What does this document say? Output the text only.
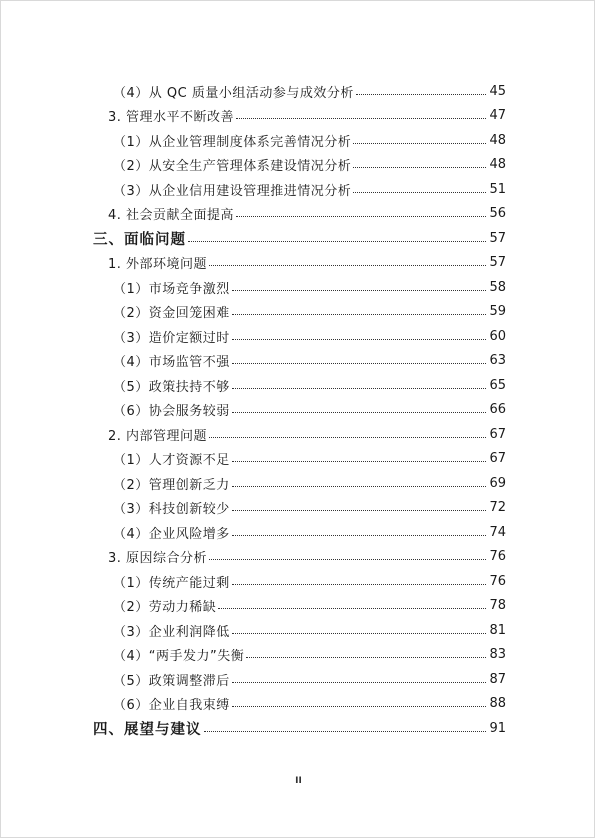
（4）从 QC 质量小组活动参与成效分析	45
3. 管理水平不断改善	47
（1）从企业管理制度体系完善情况分析	48
（2）从安全生产管理体系建设情况分析	48
（3）从企业信用建设管理推进情况分析	51
4. 社会贡献全面提高	56
三、面临问题	57
1. 外部环境问题	57
（1）市场竞争激烈	58
（2）资金回笼困难	59
（3）造价定额过时	60
（4）市场监管不强	63
（5）政策扶持不够	65
（6）协会服务较弱	66
2. 内部管理问题	67
（1）人才资源不足	67
（2）管理创新乏力	69
（3）科技创新较少	72
（4）企业风险增多	74
3. 原因综合分析	76
（1）传统产能过剩	76
（2）劳动力稀缺	78
（3）企业利润降低	81
（4）“两手发力”失衡	83
（5）政策调整滞后	87
（6）企业自我束缚	88
四、展望与建议	91
II
